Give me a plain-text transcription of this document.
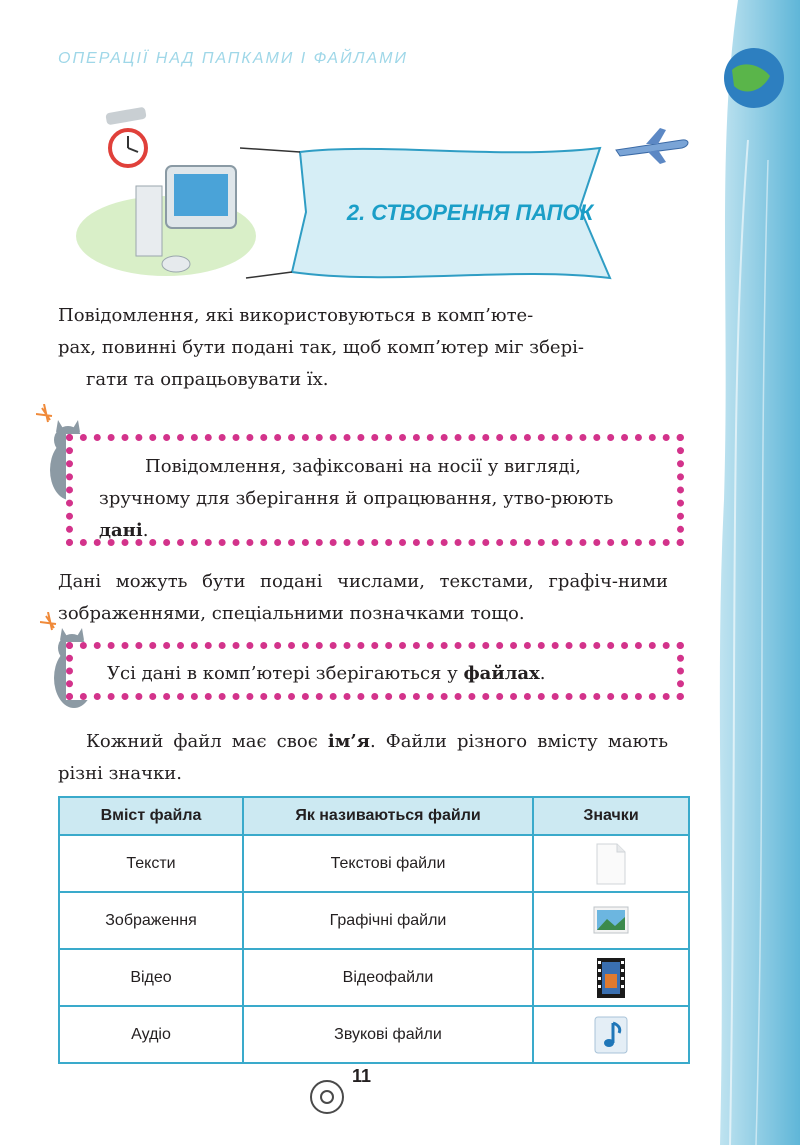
ОПЕРАЦІЇ НАД ПАПКАМИ І ФАЙЛАМИ
2. СТВОРЕННЯ ПАПОК
Повідомлення, які використовуються в комп’юте-
рах, повинні бути подані так, щоб комп’ютер міг збері-
гати та опрацьовувати їх.
Повідомлення, зафіксовані на носії у вигляді, зручному для зберігання й опрацювання, утво-рюють дані.
Дані можуть бути подані числами, текстами, графіч-ними зображеннями, спеціальними позначками тощо.
Усі дані в комп’ютері зберігаються у файлах.
Кожний файл має своє ім’я. Файли різного вмісту мають різні значки.
Вміст файла	Як називаються файли	Значки
Тексти	Текстові файли	
Зображення	Графічні файли	
Відео	Відеофайли	
Аудіо	Звукові файли	
11
